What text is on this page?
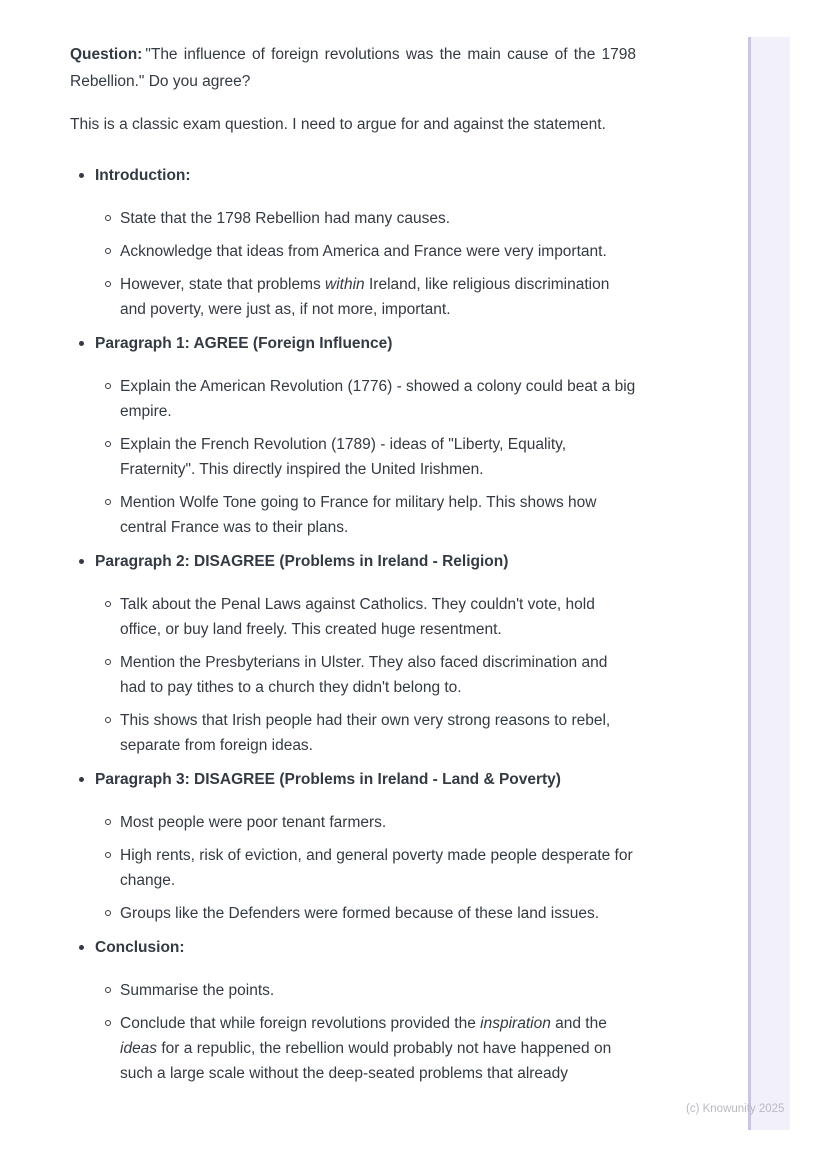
Question: "The influence of foreign revolutions was the main cause of the 1798 Rebellion." Do you agree?

This is a classic exam question. I need to argue for and against the statement.

Introduction:
State that the 1798 Rebellion had many causes.
Acknowledge that ideas from America and France were very important.
However, state that problems within Ireland, like religious discrimination and poverty, were just as, if not more, important.
Paragraph 1: AGREE (Foreign Influence)
Explain the American Revolution (1776) - showed a colony could beat a big empire.
Explain the French Revolution (1789) - ideas of "Liberty, Equality, Fraternity". This directly inspired the United Irishmen.
Mention Wolfe Tone going to France for military help. This shows how central France was to their plans.
Paragraph 2: DISAGREE (Problems in Ireland - Religion)
Talk about the Penal Laws against Catholics. They couldn't vote, hold office, or buy land freely. This created huge resentment.
Mention the Presbyterians in Ulster. They also faced discrimination and had to pay tithes to a church they didn't belong to.
This shows that Irish people had their own very strong reasons to rebel, separate from foreign ideas.
Paragraph 3: DISAGREE (Problems in Ireland - Land & Poverty)
Most people were poor tenant farmers.
High rents, risk of eviction, and general poverty made people desperate for change.
Groups like the Defenders were formed because of these land issues.
Conclusion:
Summarise the points.
Conclude that while foreign revolutions provided the inspiration and the ideas for a republic, the rebellion would probably not have happened on such a large scale without the deep-seated problems that already
(c) Knowunity 2025
